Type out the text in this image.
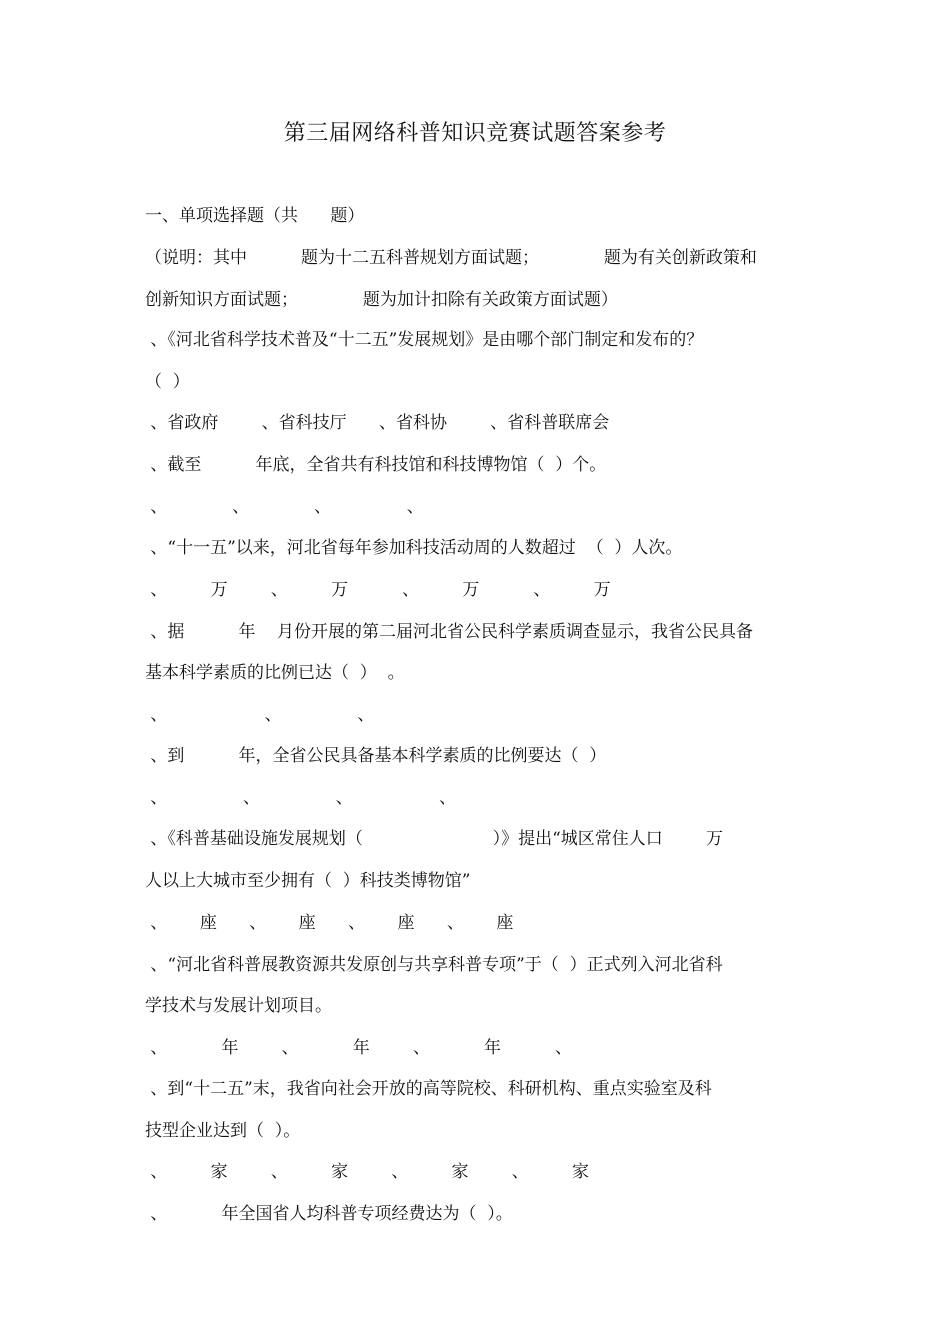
第三届网络科普知识竞赛试题答案参考
一、单项选择题（共      题）
（说明：其中          题为十二五科普规划方面试题；            题为有关创新政策和
创新知识方面试题；            题为加计扣除有关政策方面试题）
、《河北省科学技术普及“十二五”发展规划》是由哪个部门制定和发布的？
（  ）
、省政府        、省科技厅      、省科协        、省科普联席会
、截至          年底，全省共有科技馆和科技博物馆（  ）个。
、            、            、              、
、“十一五”以来，河北省每年参加科技活动周的人数超过  （  ）人次。
、        万        、        万          、        万          、        万
、据          年    月份开展的第二届河北省公民科学素质调查显示，我省公民具备
基本科学素质的比例已达（  ）  。
、                  、              、
、到          年，全省公民具备基本科学素质的比例要达（  ）
、              、              、                、
、《科普基础设施发展规划（                        ）》提出“城区常住人口        万
人以上大城市至少拥有（  ）科技类博物馆”
、      座      、      座      、      座      、      座
、“河北省科普展教资源共发原创与共享科普专项”于（  ）正式列入河北省科
学技术与发展计划项目。
、          年        、          年        、          年          、
、到“十二五”末，我省向社会开放的高等院校、科研机构、重点实验室及科
技型企业达到（  ）。
、        家        、        家        、        家        、        家
、          年全国省人均科普专项经费达为（  ）。
